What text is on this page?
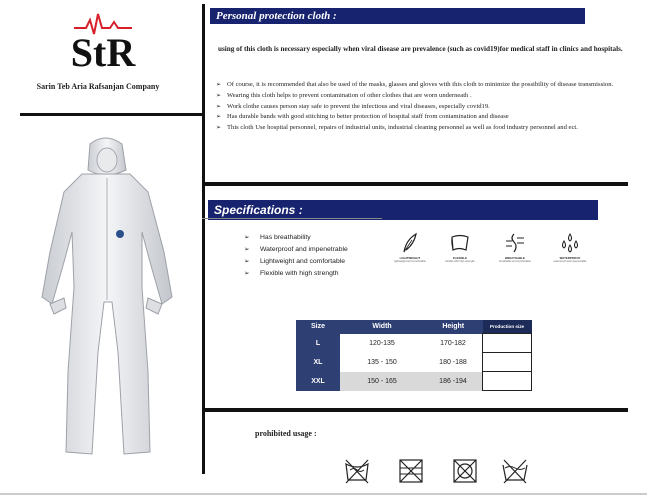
StR
Sarin Teb Aria Rafsanjan Company
Personal protection cloth :
using of this cloth is necessary especially when viral disease are prevalence (such as covid19)for medical staff in clinics and hospitals.
➢ Of course, it is recommended that also be used of the masks, glasses and gloves with this cloth to minimize the possibility of disease transmission.
➢ Wearing this cloth helps to prevent contamination of other clothes that are worn underneath .
➢ Work clothe causes person stay safe to prevent the infectious and viral diseases, especially covid19.
➢ Has durable bands with good stitching to better protection of hospital staff from contamination and disease
➢ This cloth Use hospital personnel, repairs of industrial units, industrial cleaning personnel as well as food industry personnel and ect.
Specifications :
➢ Has breathability
➢ Waterproof and impenetrable
➢ Lightweight and comfortable
➢ Flexible with high strength
LIGHTWEIGHT
lightweight and comfortable
FLEXIBLE
flexible with high strength
BREATHABLE
breathable and comfortable
WATERPROOF
waterproof and impenetrable
Size	Width	Height	Production size
L	120-135	170-182	
XL	135 - 150	180 -188	
XXL	150 - 165	186 -194	
prohibited usage :
